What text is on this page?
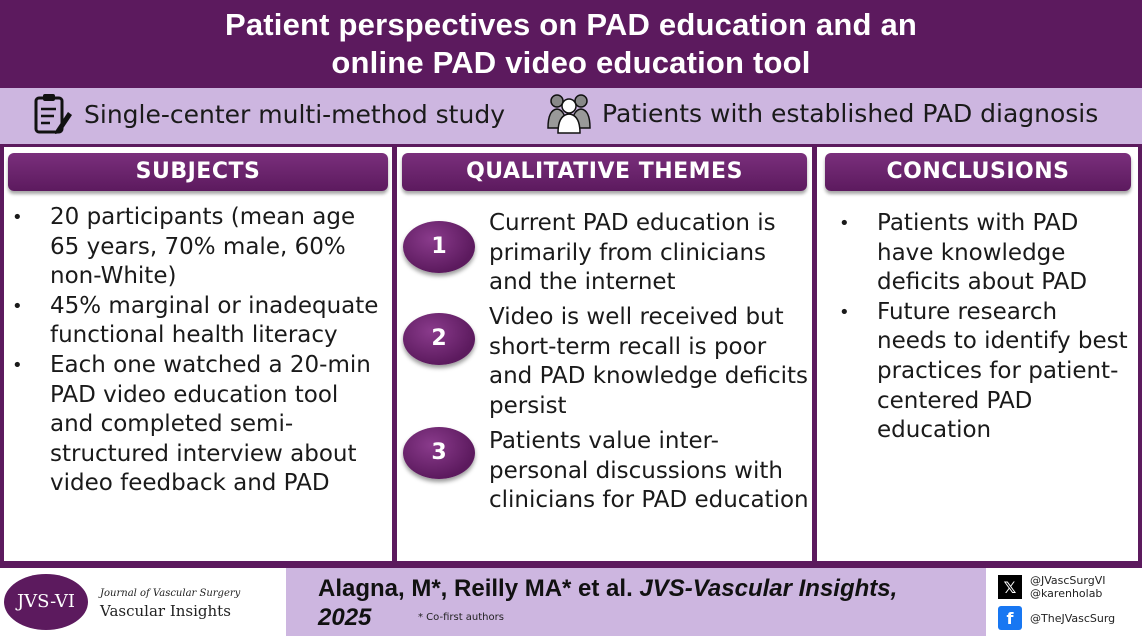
Patient perspectives on PAD education and an
online PAD video education tool
Single-center multi-method study	Patients with established PAD diagnosis
SUBJECTS
• 20 participants (mean age 65 years, 70% male, 60% non-White)
• 45% marginal or inadequate functional health literacy
• Each one watched a 20-min PAD video education tool and completed semi-structured interview about video feedback and PAD
QUALITATIVE THEMES
1
Current PAD education is primarily from clinicians and the internet
2
Video is well received but short-term recall is poor and PAD knowledge deficits persist
3	Patients value inter-personal discussions with clinicians for PAD education
CONCLUSIONS
• Patients with PAD have knowledge deficits about PAD
• Future research needs to identify best practices for patient-centered PAD education
JVS-VI	Journal of Vascular Surgery
Vascular Insights
Alagna, M*, Reilly MA* et al. JVS-Vascular Insights,
2025	* Co-first authors
𝕏	@JVascSurgVI
@karenholab
f	@TheJVascSurg
